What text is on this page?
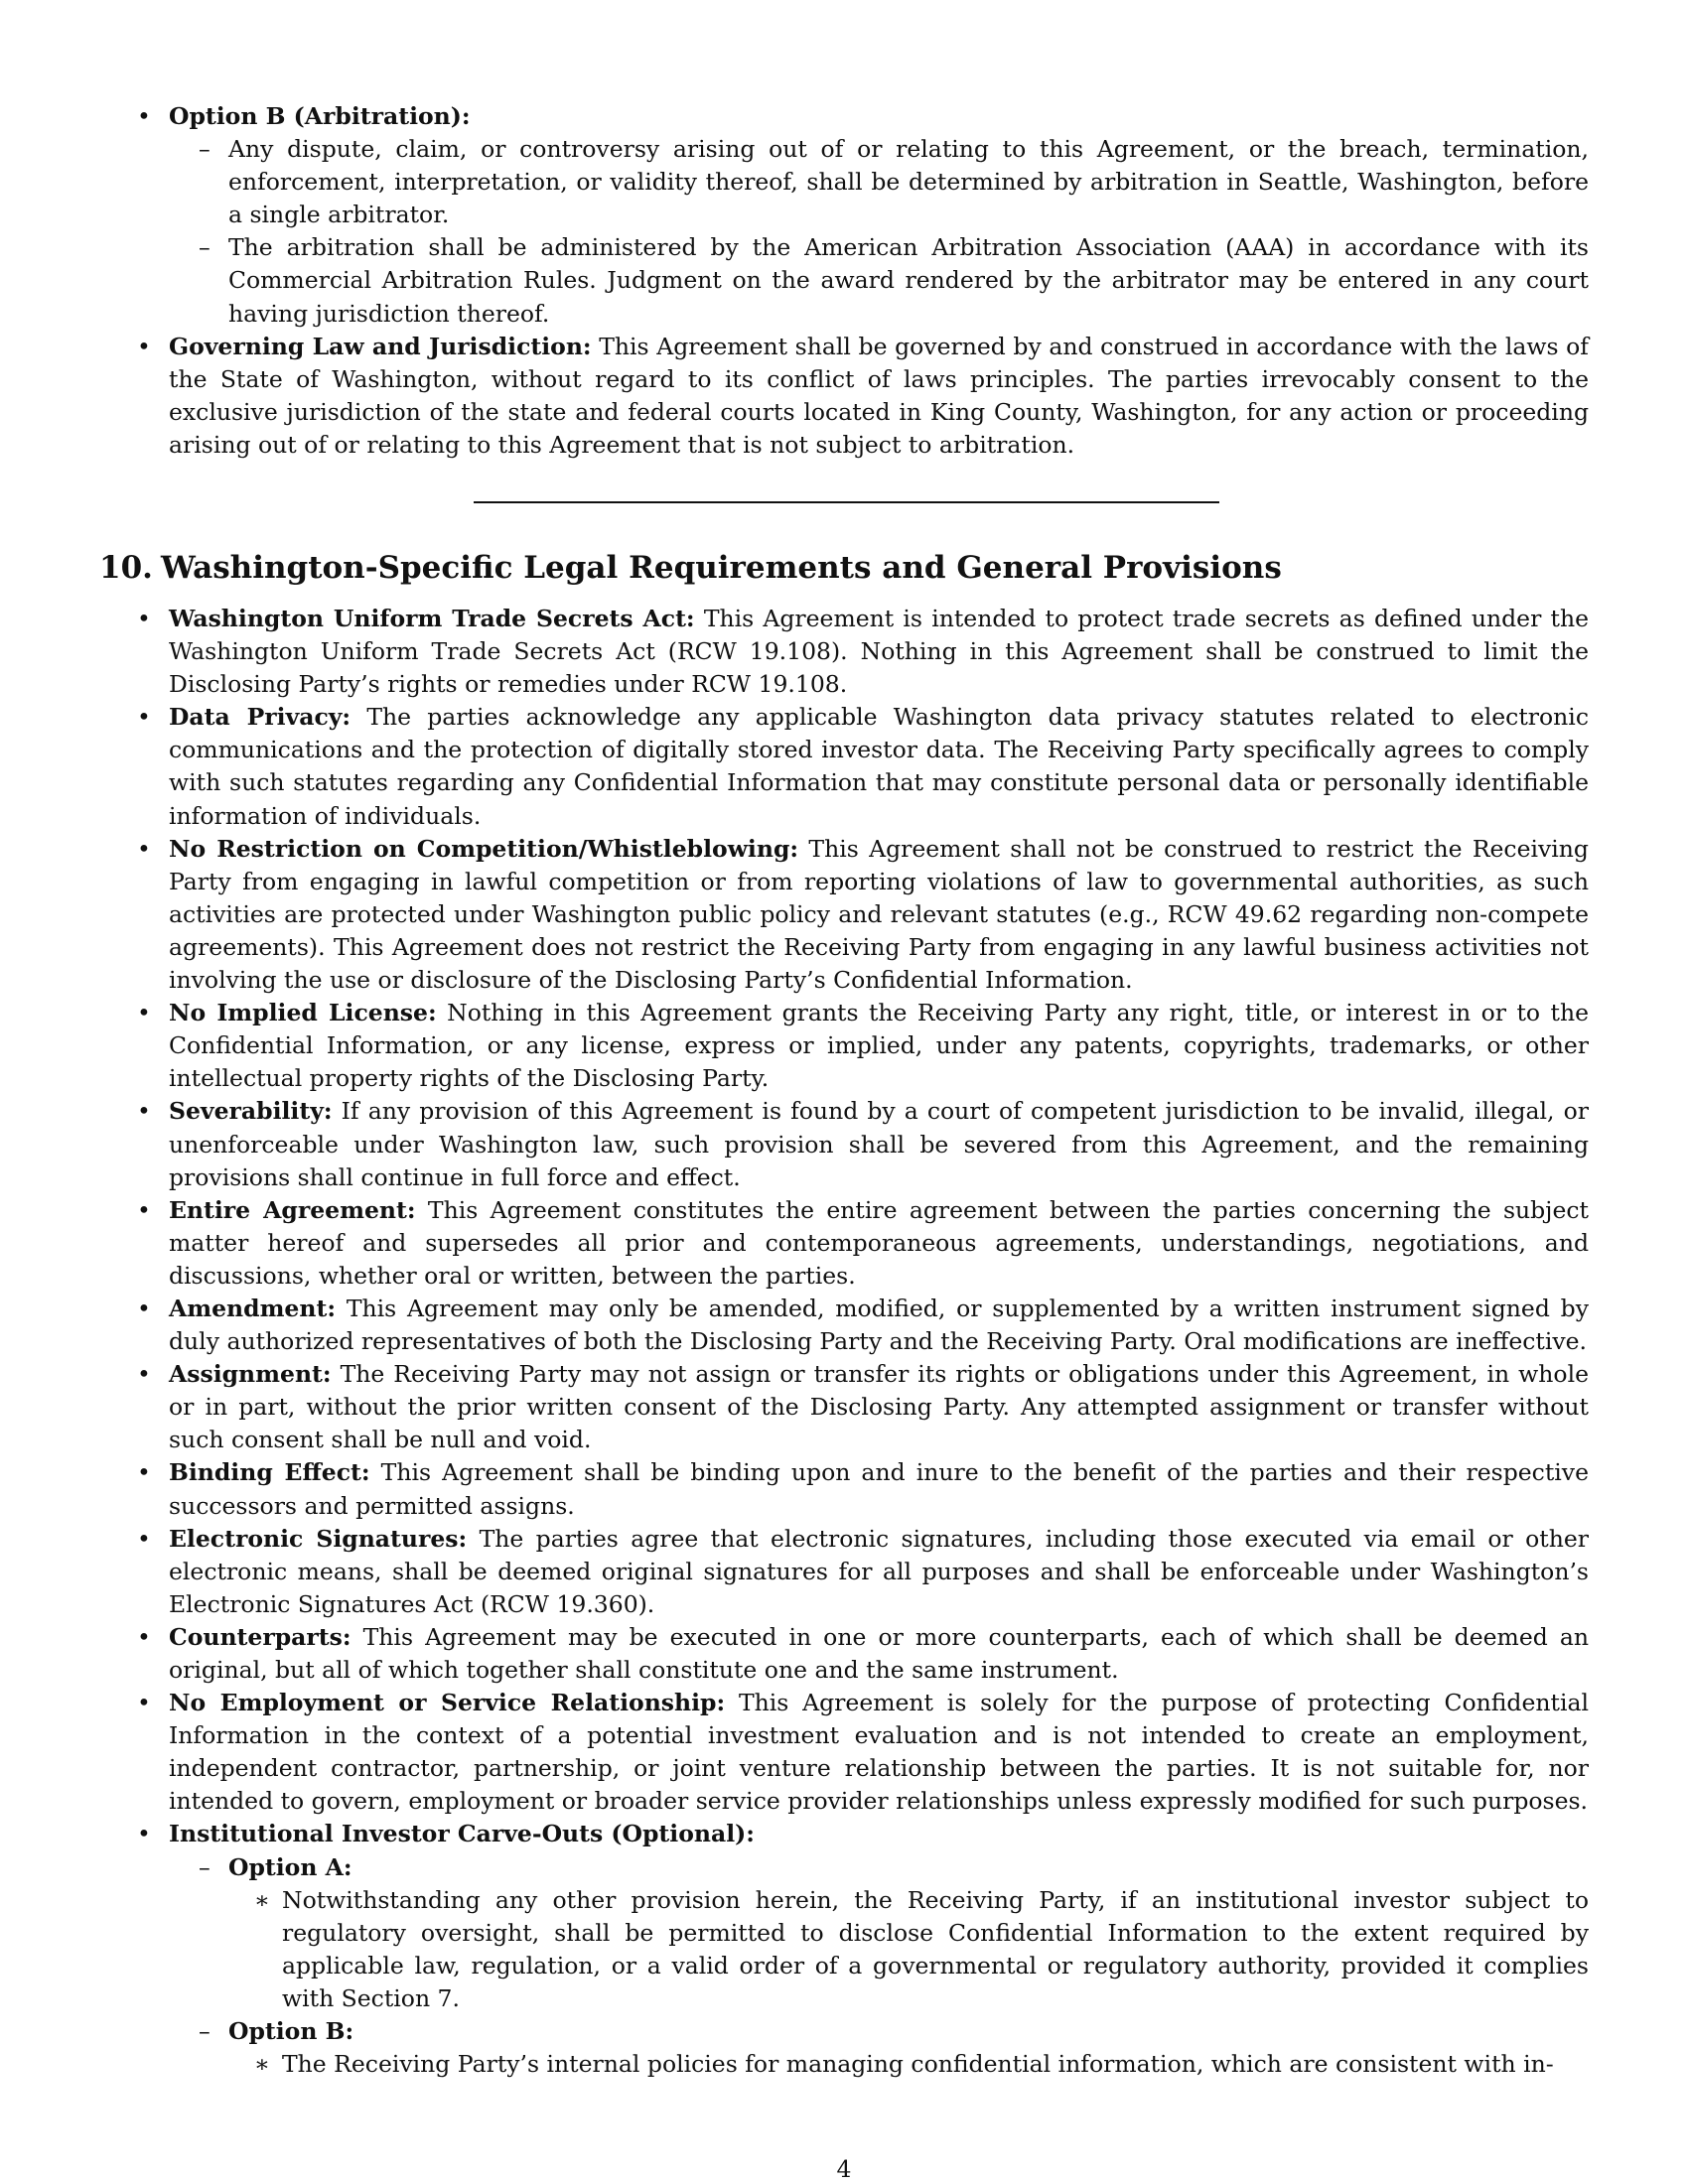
• Option B (Arbitration):
– Any dispute, claim, or controversy arising out of or relating to this Agreement, or the breach, termination, enforcement, interpretation, or validity thereof, shall be determined by arbitration in Seattle, Washington, before a single arbitrator.
– The arbitration shall be administered by the American Arbitration Association (AAA) in accordance with its Commercial Arbitration Rules. Judgment on the award rendered by the arbitrator may be entered in any court having jurisdiction thereof.
• Governing Law and Jurisdiction: This Agreement shall be governed by and construed in accordance with the laws of the State of Washington, without regard to its conflict of laws principles. The parties irrevocably consent to the exclusive jurisdiction of the state and federal courts located in King County, Washington, for any action or proceeding arising out of or relating to this Agreement that is not subject to arbitration.
10. Washington-Specific Legal Requirements and General Provisions
• Washington Uniform Trade Secrets Act: This Agreement is intended to protect trade secrets as defined under the Washington Uniform Trade Secrets Act (RCW 19.108). Nothing in this Agreement shall be construed to limit the Disclosing Party’s rights or remedies under RCW 19.108.
• Data Privacy: The parties acknowledge any applicable Washington data privacy statutes related to electronic communications and the protection of digitally stored investor data. The Receiving Party specifically agrees to comply with such statutes regarding any Confidential Information that may constitute personal data or personally identifiable information of individuals.
• No Restriction on Competition/Whistleblowing: This Agreement shall not be construed to restrict the Receiving Party from engaging in lawful competition or from reporting violations of law to governmental authorities, as such activities are protected under Washington public policy and relevant statutes (e.g., RCW 49.62 regarding non-compete agreements). This Agreement does not restrict the Receiving Party from engaging in any lawful business activities not involving the use or disclosure of the Disclosing Party’s Confidential Information.
• No Implied License: Nothing in this Agreement grants the Receiving Party any right, title, or interest in or to the Confidential Information, or any license, express or implied, under any patents, copyrights, trademarks, or other intellectual property rights of the Disclosing Party.
• Severability: If any provision of this Agreement is found by a court of competent jurisdiction to be invalid, illegal, or unenforceable under Washington law, such provision shall be severed from this Agreement, and the remaining provisions shall continue in full force and effect.
• Entire Agreement: This Agreement constitutes the entire agreement between the parties concerning the subject matter hereof and supersedes all prior and contemporaneous agreements, understandings, negotiations, and discussions, whether oral or written, between the parties.
• Amendment: This Agreement may only be amended, modified, or supplemented by a written instrument signed by duly authorized representatives of both the Disclosing Party and the Receiving Party. Oral modifications are ineffective.
• Assignment: The Receiving Party may not assign or transfer its rights or obligations under this Agreement, in whole or in part, without the prior written consent of the Disclosing Party. Any attempted assignment or transfer without such consent shall be null and void.
• Binding Effect: This Agreement shall be binding upon and inure to the benefit of the parties and their respective successors and permitted assigns.
• Electronic Signatures: The parties agree that electronic signatures, including those executed via email or other electronic means, shall be deemed original signatures for all purposes and shall be enforceable under Washington’s Electronic Signatures Act (RCW 19.360).
• Counterparts: This Agreement may be executed in one or more counterparts, each of which shall be deemed an original, but all of which together shall constitute one and the same instrument.
• No Employment or Service Relationship: This Agreement is solely for the purpose of protecting Confidential Information in the context of a potential investment evaluation and is not intended to create an employment, independent contractor, partnership, or joint venture relationship between the parties. It is not suitable for, nor intended to govern, employment or broader service provider relationships unless expressly modified for such purposes.
• Institutional Investor Carve-Outs (Optional):
– Option A:
∗ Notwithstanding any other provision herein, the Receiving Party, if an institutional investor subject to regulatory oversight, shall be permitted to disclose Confidential Information to the extent required by applicable law, regulation, or a valid order of a governmental or regulatory authority, provided it complies with Section 7.
– Option B:
∗ The Receiving Party’s internal policies for managing confidential information, which are consistent with in-
4
